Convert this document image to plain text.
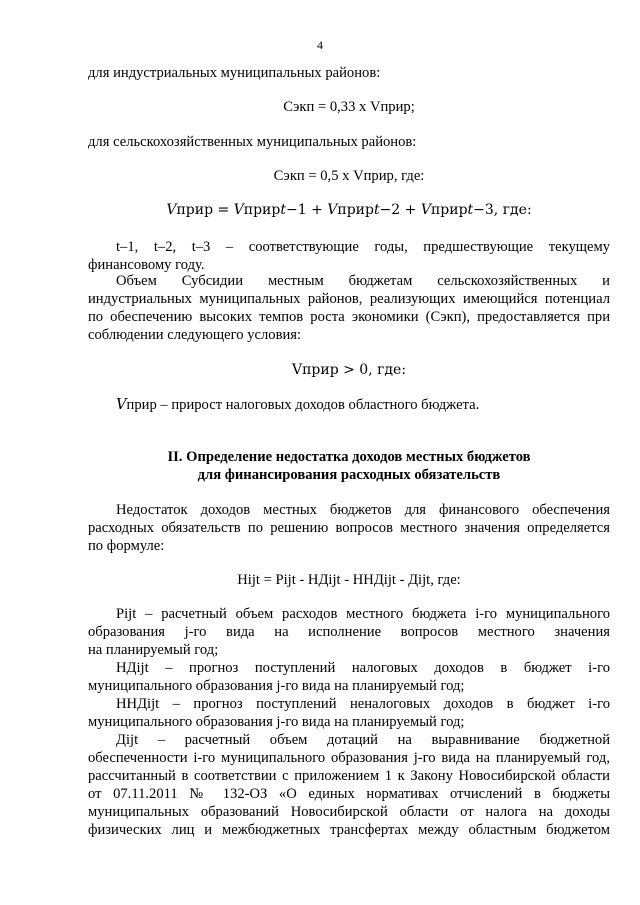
4
для индустриальных муниципальных районов:
Сэкп = 0,33 х Vприр;
для сельскохозяйственных муниципальных районов:
Сэкп = 0,5 х Vприр, где:
𝑉прир = 𝑉прир𝑡−1 + 𝑉прир𝑡−2 + 𝑉прир𝑡−3, где:
t–1, t–2, t–3 – соответствующие годы, предшествующие текущему
финансовому году.
Объем Субсидии местным бюджетам сельскохозяйственных и
индустриальных муниципальных районов, реализующих имеющийся потенциал
по обеспечению высоких темпов роста экономики (Сэкп), предоставляется при
соблюдении следующего условия:
Vприр > 0, где:
𝑉прир – прирост налоговых доходов областного бюджета.
II. Определение недостатка доходов местных бюджетов
для финансирования расходных обязательств
Недостаток доходов местных бюджетов для финансового обеспечения
расходных обязательств по решению вопросов местного значения определяется
по формуле:
Нijt = Рijt - НДijt - ННДijt - Дijt, где:
Рijt – расчетный объем расходов местного бюджета i-го муниципального
образования j-го вида на исполнение вопросов местного значения
на планируемый год;
НДijt – прогноз поступлений налоговых доходов в бюджет i-го
муниципального образования j-го вида на планируемый год;
ННДijt – прогноз поступлений неналоговых доходов в бюджет i-го
муниципального образования j-го вида на планируемый год;
Дijt – расчетный объем дотаций на выравнивание бюджетной
обеспеченности i-го муниципального образования j-го вида на планируемый год,
рассчитанный в соответствии с приложением 1 к Закону Новосибирской области
от 07.11.2011 № 132-ОЗ «О единых нормативах отчислений в бюджеты
муниципальных образований Новосибирской области от налога на доходы
физических лиц и межбюджетных трансфертах между областным бюджетом
